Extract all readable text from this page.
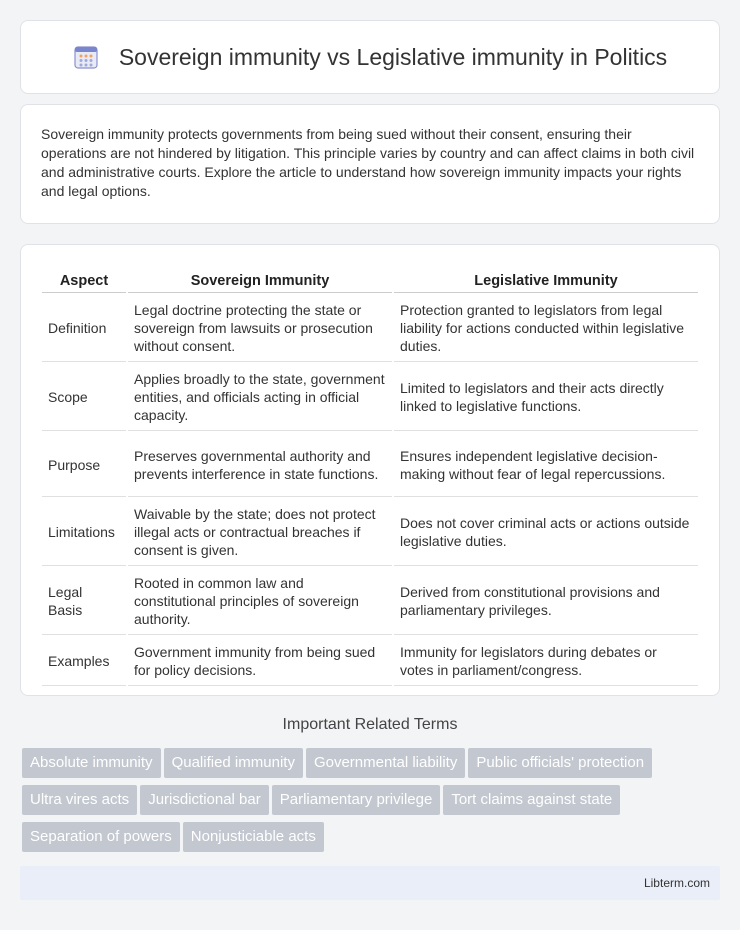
Sovereign immunity vs Legislative immunity in Politics

Sovereign immunity protects governments from being sued without their consent, ensuring their operations are not hindered by litigation. This principle varies by country and can affect claims in both civil and administrative courts. Explore the article to understand how sovereign immunity impacts your rights and legal options.

Aspect	Sovereign Immunity	Legislative Immunity
Definition	Legal doctrine protecting the state or sovereign from lawsuits or prosecution without consent.	Protection granted to legislators from legal liability for actions conducted within legislative duties.
Scope	Applies broadly to the state, government entities, and officials acting in official capacity.	Limited to legislators and their acts directly linked to legislative functions.
Purpose	Preserves governmental authority and prevents interference in state functions.	Ensures independent legislative decision-making without fear of legal repercussions.
Limitations	Waivable by the state; does not protect illegal acts or contractual breaches if consent is given.	Does not cover criminal acts or actions outside legislative duties.
Legal Basis	Rooted in common law and constitutional principles of sovereign authority.	Derived from constitutional provisions and parliamentary privileges.
Examples	Government immunity from being sued for policy decisions.	Immunity for legislators during debates or votes in parliament/congress.
Important Related Terms
Absolute immunity Qualified immunity Governmental liability Public officials' protection
Ultra vires acts Jurisdictional bar Parliamentary privilege Tort claims against state
Separation of powers Nonjusticiable acts
Libterm.com
